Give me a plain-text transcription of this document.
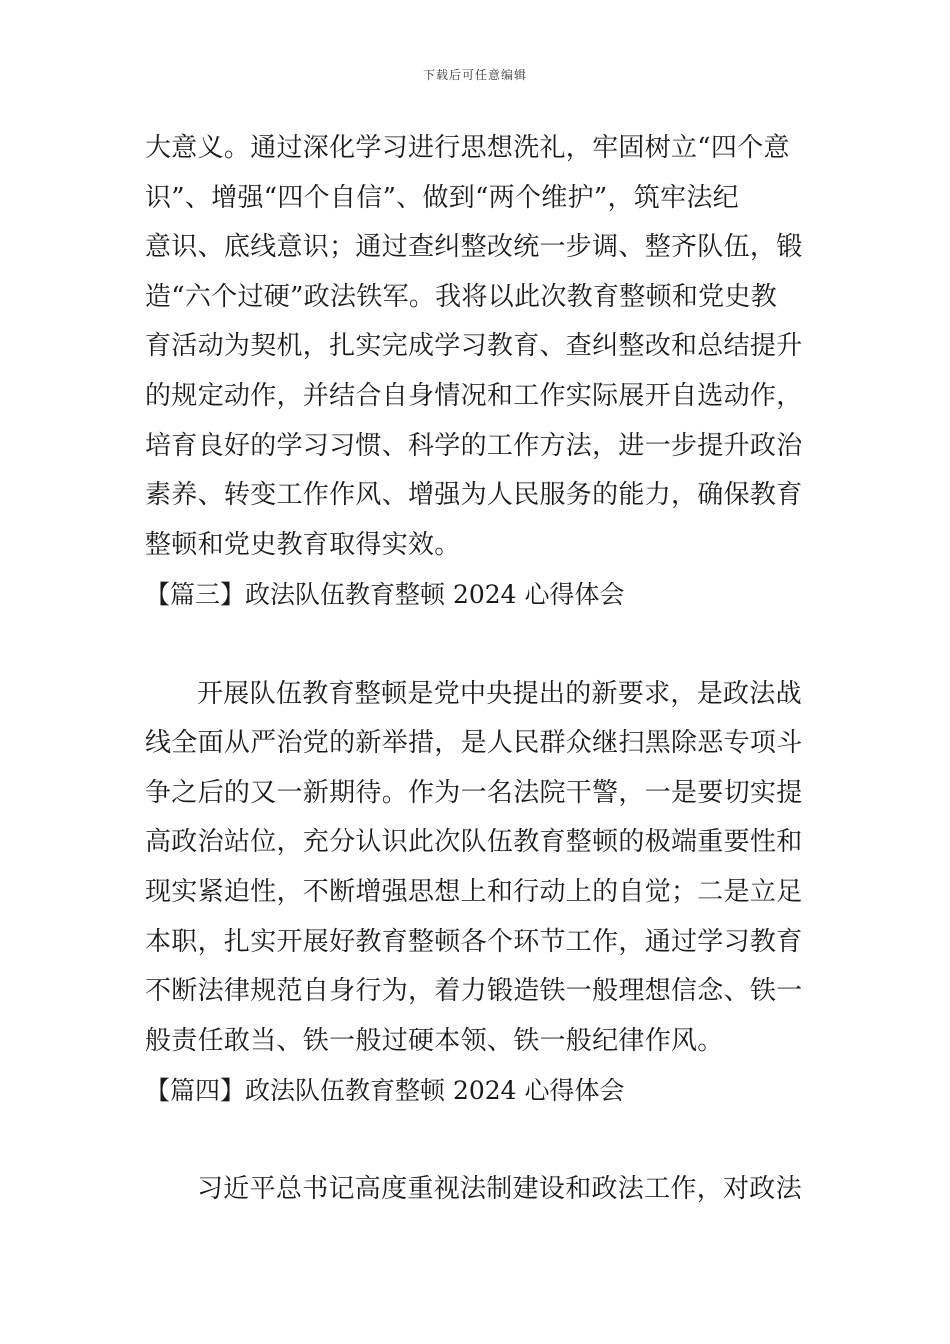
下载后可任意编辑
大意义。通过深化学习进行思想洗礼，牢固树立“四个意
识”、增强“四个自信”、做到“两个维护”，筑牢法纪
意识、底线意识；通过查纠整改统一步调、整齐队伍，锻
造“六个过硬”政法铁军。我将以此次教育整顿和党史教
育活动为契机，扎实完成学习教育、查纠整改和总结提升
的规定动作，并结合自身情况和工作实际展开自选动作，
培育良好的学习习惯、科学的工作方法，进一步提升政治
素养、转变工作作风、增强为人民服务的能力，确保教育
整顿和党史教育取得实效。
【篇三】政法队伍教育整顿 2024 心得体会
开展队伍教育整顿是党中央提出的新要求，是政法战
线全面从严治党的新举措，是人民群众继扫黑除恶专项斗
争之后的又一新期待。作为一名法院干警，一是要切实提
高政治站位，充分认识此次队伍教育整顿的极端重要性和
现实紧迫性，不断增强思想上和行动上的自觉；二是立足
本职，扎实开展好教育整顿各个环节工作，通过学习教育
不断法律规范自身行为，着力锻造铁一般理想信念、铁一
般责任敢当、铁一般过硬本领、铁一般纪律作风。
【篇四】政法队伍教育整顿 2024 心得体会
习近平总书记高度重视法制建设和政法工作，对政法
